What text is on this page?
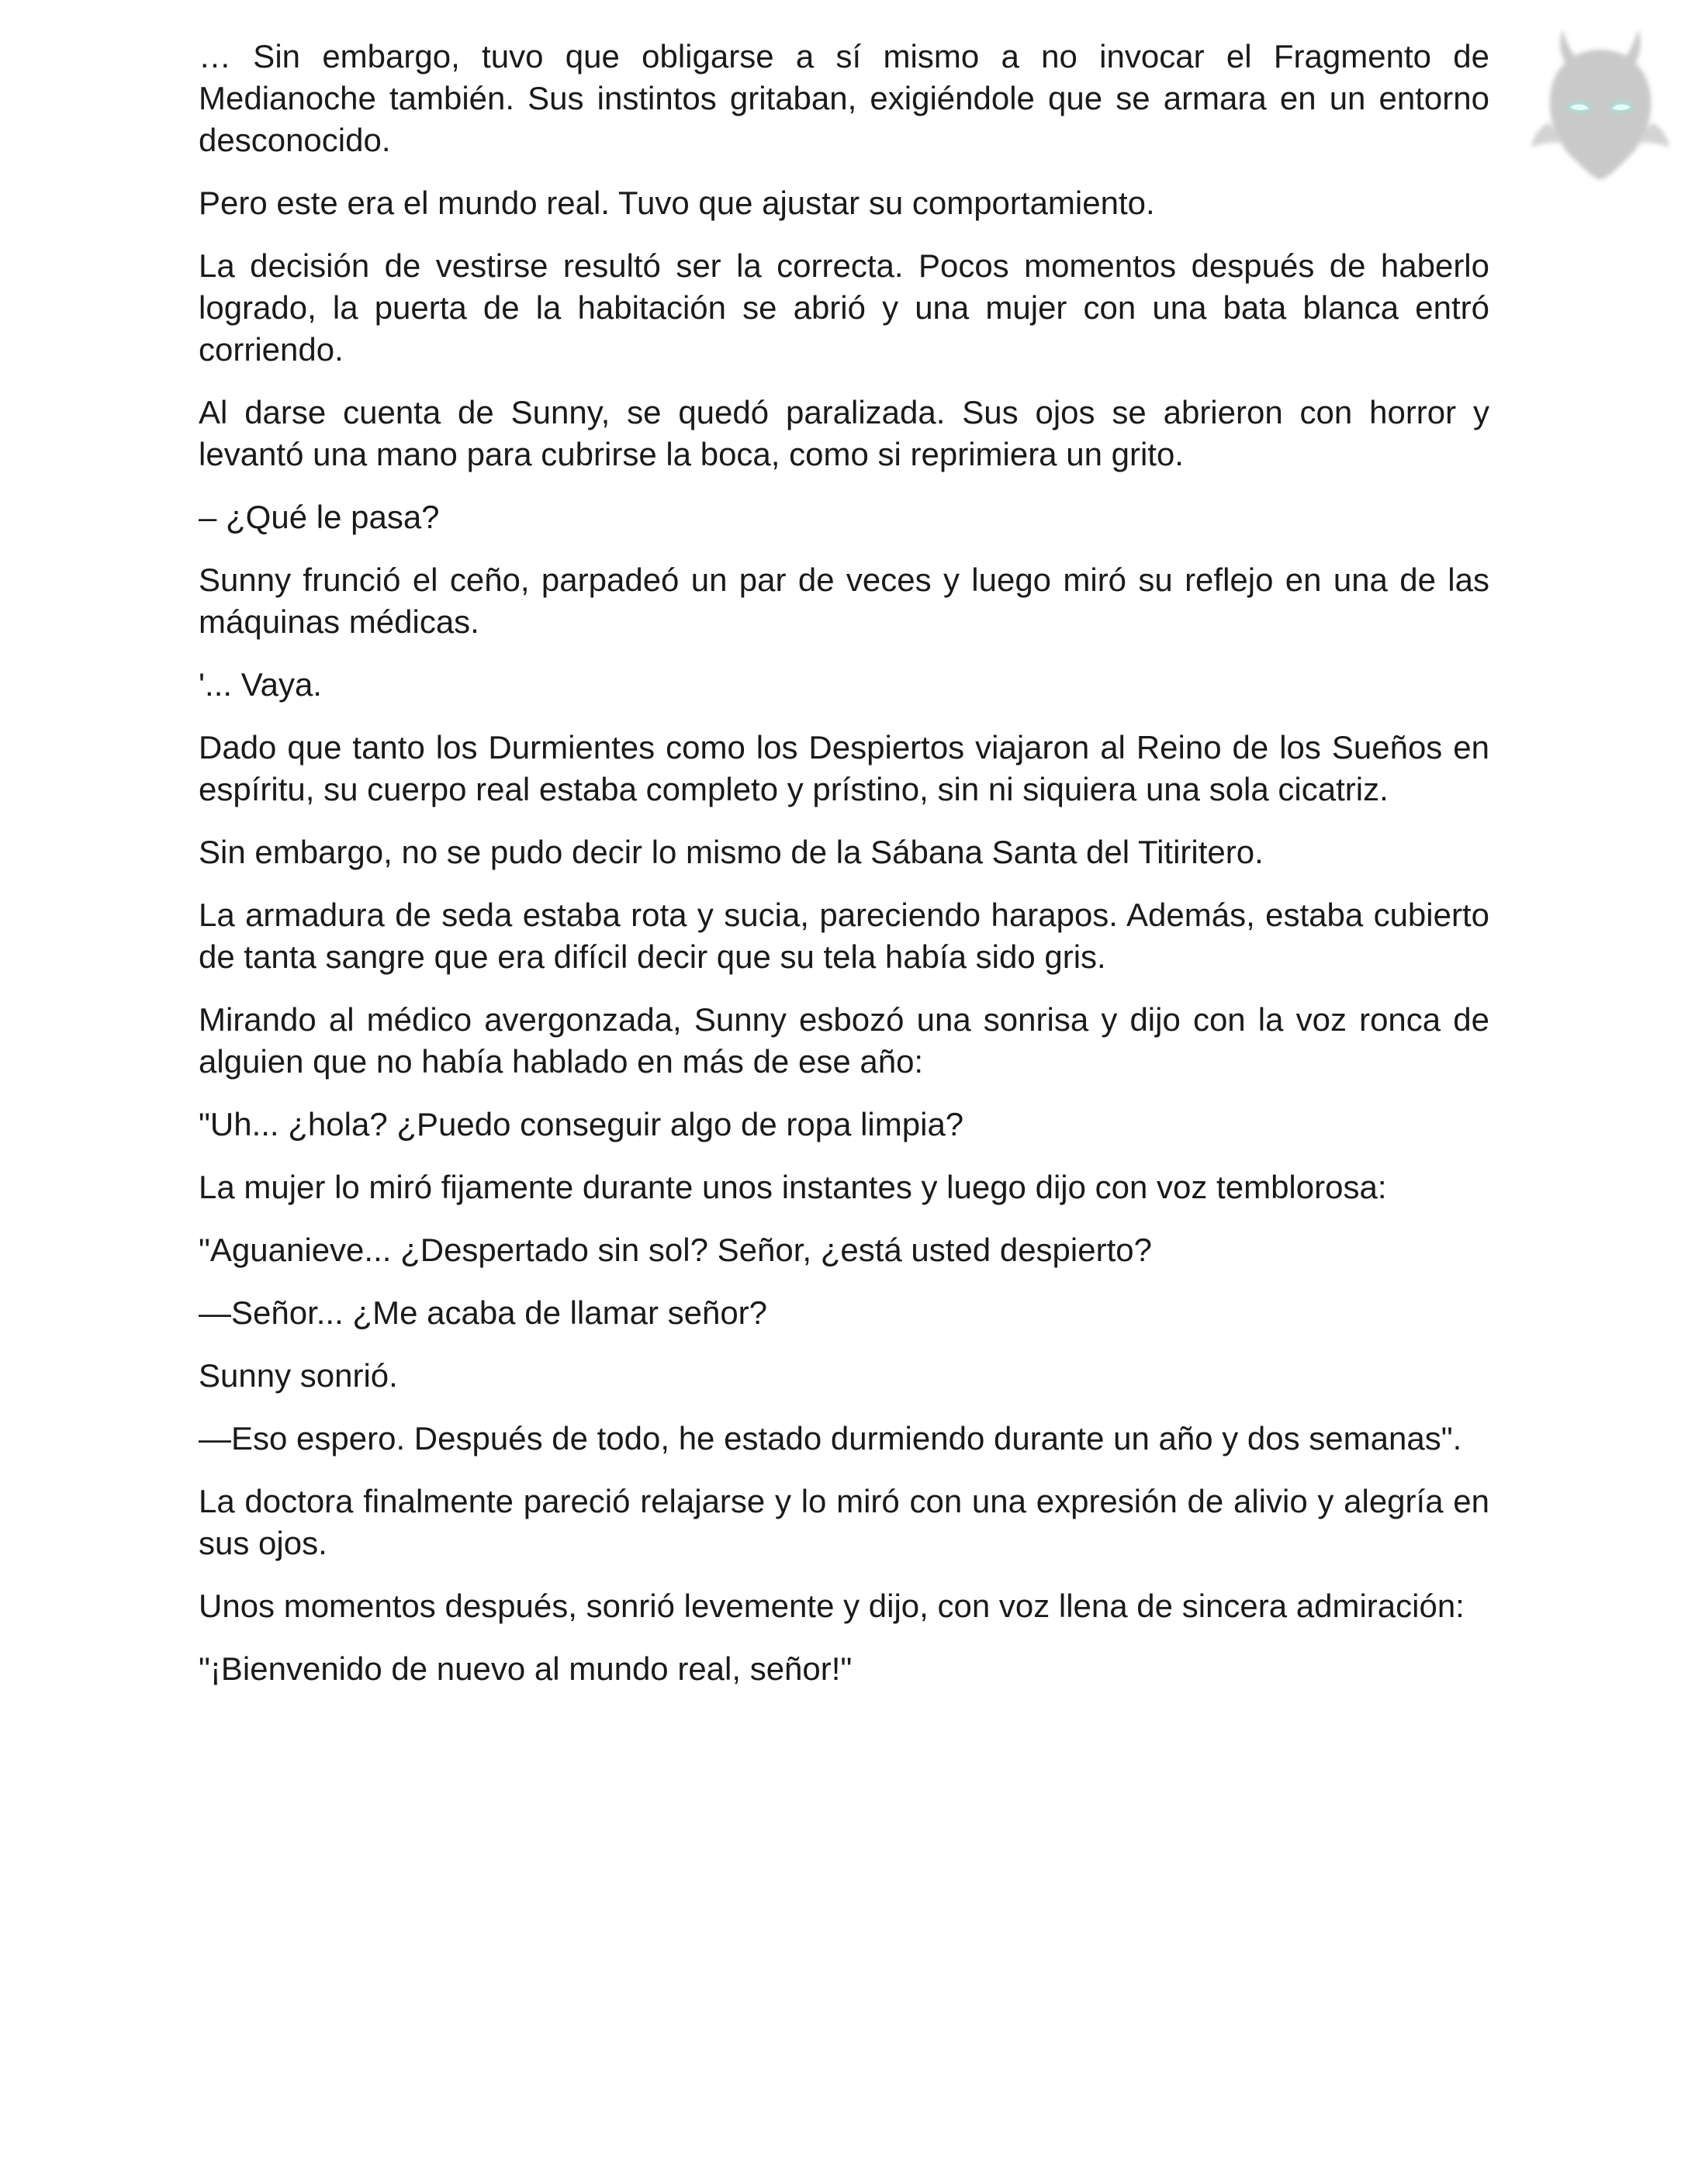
… Sin embargo, tuvo que obligarse a sí mismo a no invocar el Fragmento de Medianoche también. Sus instintos gritaban, exigiéndole que se armara en un entorno desconocido.

Pero este era el mundo real. Tuvo que ajustar su comportamiento.

La decisión de vestirse resultó ser la correcta. Pocos momentos después de haberlo logrado, la puerta de la habitación se abrió y una mujer con una bata blanca entró corriendo.

Al darse cuenta de Sunny, se quedó paralizada. Sus ojos se abrieron con horror y levantó una mano para cubrirse la boca, como si reprimiera un grito.

– ¿Qué le pasa?

Sunny frunció el ceño, parpadeó un par de veces y luego miró su reflejo en una de las máquinas médicas.

'... Vaya.

Dado que tanto los Durmientes como los Despiertos viajaron al Reino de los Sueños en espíritu, su cuerpo real estaba completo y prístino, sin ni siquiera una sola cicatriz.

Sin embargo, no se pudo decir lo mismo de la Sábana Santa del Titiritero.

La armadura de seda estaba rota y sucia, pareciendo harapos. Además, estaba cubierto de tanta sangre que era difícil decir que su tela había sido gris.

Mirando al médico avergonzada, Sunny esbozó una sonrisa y dijo con la voz ronca de alguien que no había hablado en más de ese año:

"Uh... ¿hola? ¿Puedo conseguir algo de ropa limpia?

La mujer lo miró fijamente durante unos instantes y luego dijo con voz temblorosa:

"Aguanieve... ¿Despertado sin sol? Señor, ¿está usted despierto?

—Señor... ¿Me acaba de llamar señor?

Sunny sonrió.

—Eso espero. Después de todo, he estado durmiendo durante un año y dos semanas".

La doctora finalmente pareció relajarse y lo miró con una expresión de alivio y alegría en sus ojos.

Unos momentos después, sonrió levemente y dijo, con voz llena de sincera admiración:

"¡Bienvenido de nuevo al mundo real, señor!"
